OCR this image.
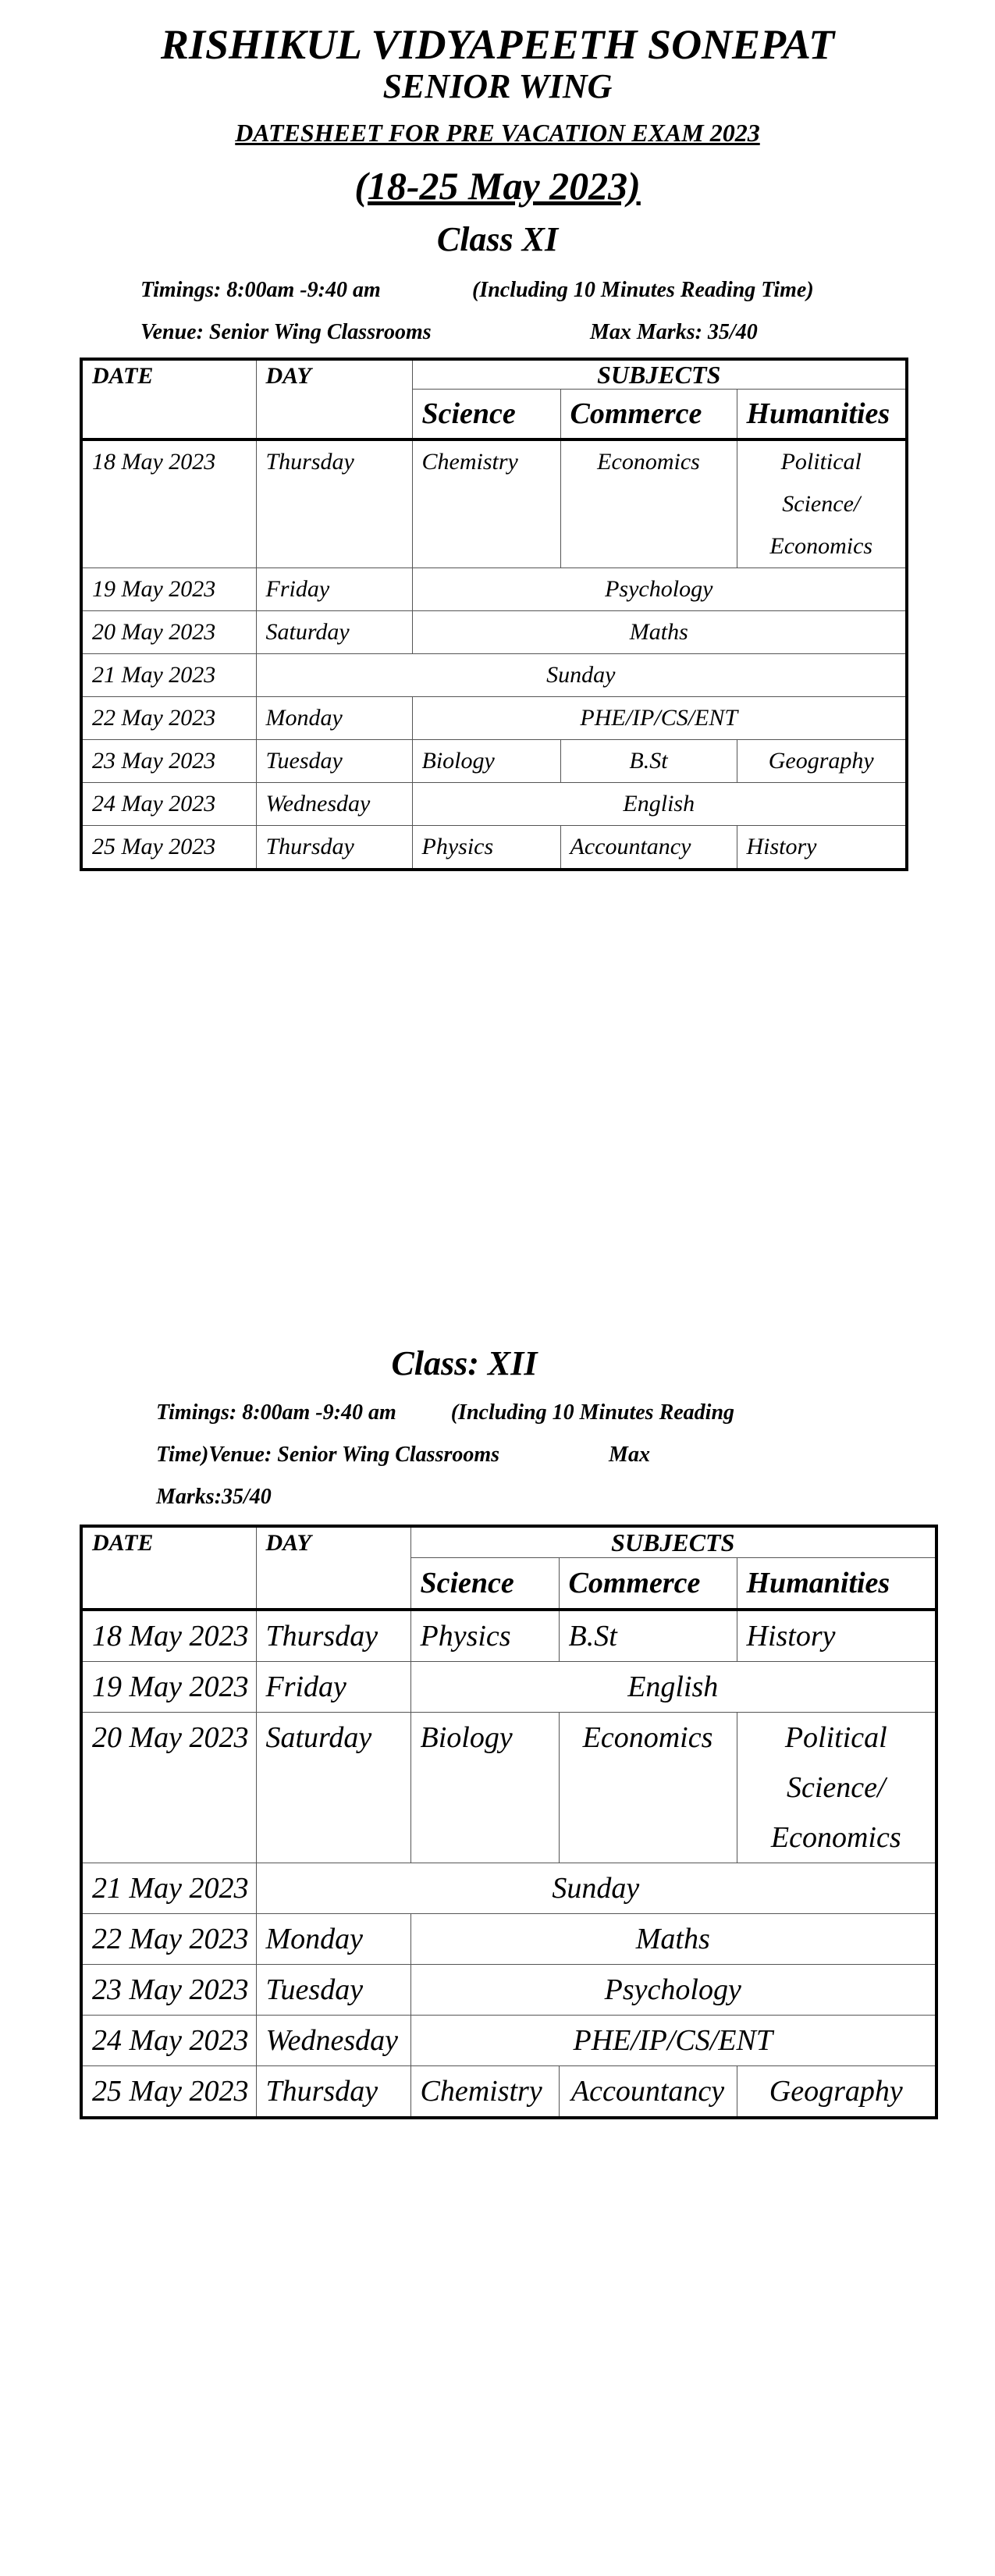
RISHIKUL VIDYAPEETH SONEPAT
SENIOR WING
DATESHEET FOR PRE VACATION EXAM 2023
(18-25 May 2023)
Class XI
Timings: 8:00am -9:40 am	(Including 10 Minutes Reading Time)
Venue: Senior Wing Classrooms	Max Marks: 35/40
DATE	DAY	SUBJECTS		
		Science	Commerce	Humanities
18 May 2023	Thursday	Chemistry	Economics	Political
Science/
Economics

19 May 2023	Friday	Psychology		
20 May 2023	Saturday	Maths		
21 May 2023	Sunday			
22 May 2023	Monday	PHE/IP/CS/ENT		
23 May 2023	Tuesday	Biology	B.St	Geography
24 May 2023	Wednesday	English		
25 May 2023	Thursday	Physics	Accountancy	History
Class: XII
Timings: 8:00am -9:40 am          (Including 10 Minutes Reading
Time)Venue: Senior Wing Classrooms                    Max
Marks:35/40
DATE	DAY	SUBJECTS		
		Science	Commerce	Humanities
18 May 2023	Thursday	Physics	B.St	History
19 May 2023	Friday	English		
20 May 2023	Saturday	Biology	Economics	Political
Science/
Economics

21 May 2023	Sunday			
22 May 2023	Monday	Maths		
23 May 2023	Tuesday	Psychology		
24 May 2023	Wednesday	PHE/IP/CS/ENT		
25 May 2023	Thursday	Chemistry	Accountancy	Geography
